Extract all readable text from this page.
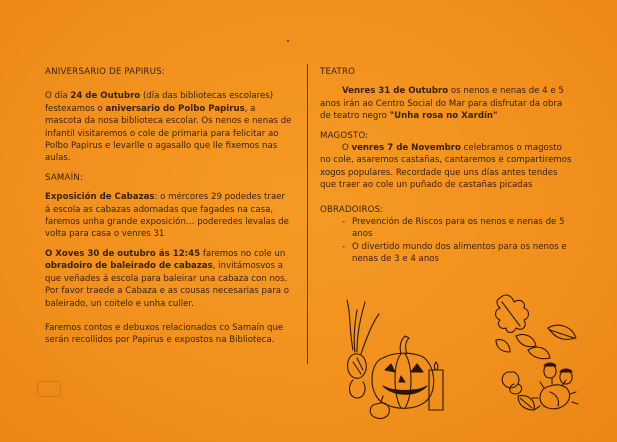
ANIVERSARIO DE PAPIRUS:

O día 24 de Outubro (día das bibliotecas escolares) festexamos o aniversario do Polbo Papirus, a mascota da nosa biblioteca escolar. Os nenos e nenas de infantil visitaremos o cole de primaria para felicitar ao Polbo Papirus e levarlle o agasallo que lle fixemos nas aulas.

SAMAÍN:

Exposición de Cabazas: o mércores 29 podedes traer á escola as cabazas adornadas que fagades na casa, faremos unha grande exposición… poderedes levalas de volta para casa o venres 31

O Xoves 30 de outubro ás 12:45 faremos no cole un obradoiro de baleirado de cabazas, invitámosvos a que veñades á escola para baleirar una cabaza con nos. Por favor traede a Cabaza e as cousas necesarias para o baleirado, un coitelo e unha culler.

Faremos contos e debuxos relacionados co Samaín que serán recollidos por Papirus e expostos na Biblioteca.

TEATRO

Venres 31 de Outubro os nenos e nenas de 4 e 5 anos irán ao Centro Social do Mar para disfrutar da obra de teatro negro "Unha rosa no Xardín"

MAGOSTO:

O venres 7 de Novembro celebramos o magosto no cole, asaremos castañas, cantaremos e compartiremos xogos populares. Recordade que uns días antes tendes que traer ao cole un puñado de castañas picadas

OBRADOIROS:

- Prevención de Riscos para os nenos e nenas de 5 anos
- O divertido mundo dos alimentos para os nenos e nenas de 3 e 4 anos
· · ·
